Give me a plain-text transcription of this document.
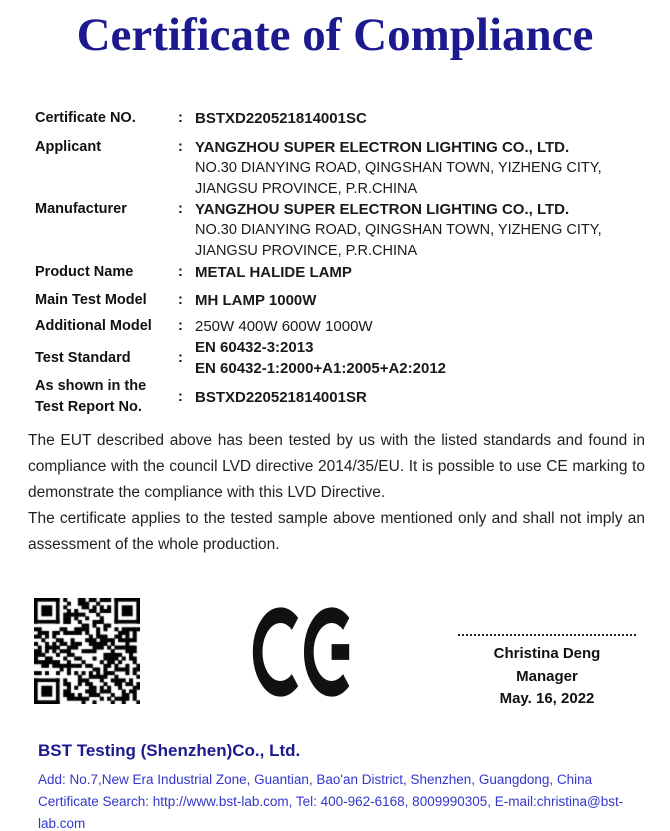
Certificate of Compliance
Certificate NO.	: BSTXD220521814001SC
Applicant	: YANGZHOU SUPER ELECTRON LIGHTING CO., LTD.
NO.30 DIANYING ROAD, QINGSHAN TOWN, YIZHENG CITY,
JIANGSU PROVINCE, P.R.CHINA
Manufacturer	: YANGZHOU SUPER ELECTRON LIGHTING CO., LTD.
NO.30 DIANYING ROAD, QINGSHAN TOWN, YIZHENG CITY,
JIANGSU PROVINCE, P.R.CHINA
Product Name	: METAL HALIDE LAMP
Main Test Model	: MH LAMP 1000W
Additional Model	: 250W 400W 600W 1000W
Test Standard	:
EN 60432-3:2013
EN 60432-1:2000+A1:2005+A2:2012
As shown in the
Test Report No.
: BSTXD220521814001SR

The EUT described above has been tested by us with the listed standards and found in compliance with the council LVD directive 2014/35/EU. It is possible to use CE marking to demonstrate the compliance with this LVD Directive.

The certificate applies to the tested sample above mentioned only and shall not imply an assessment of the whole production.

Christina Deng
Manager
May. 16, 2022
BST Testing (Shenzhen)Co., Ltd.
Add: No.7,New Era Industrial Zone, Guantian, Bao'an District, Shenzhen, Guangdong, China
Certificate Search: http://www.bst-lab.com, Tel: 400-962-6168, 8009990305, E-mail:christina@bst-lab.com
